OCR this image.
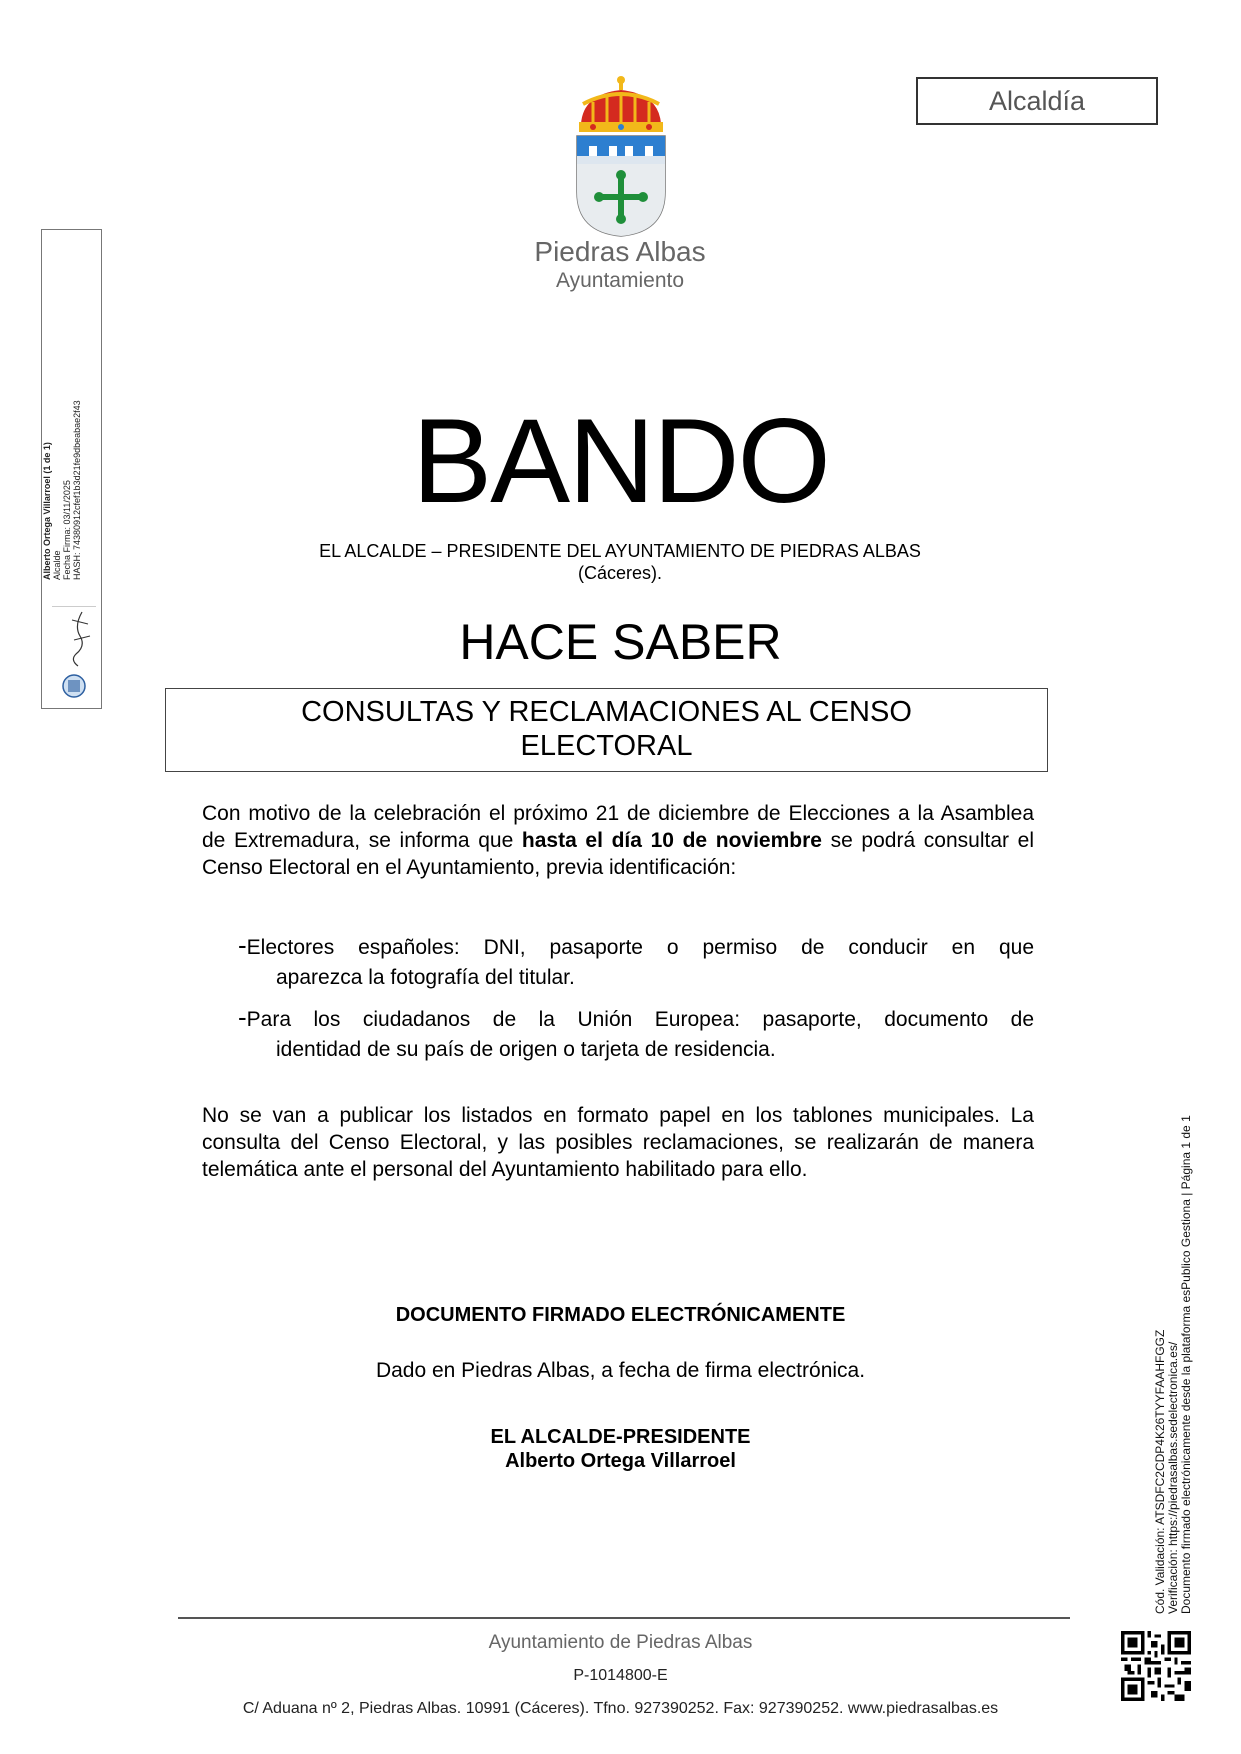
Alcaldía
Piedras Albas
Ayuntamiento
Alberto Ortega Villarroel (1 de 1) Alcalde Fecha Firma: 03/11/2025 HASH: 74380912cfef1b3d21fe9dbeabae2f43	BANDO
EL ALCALDE – PRESIDENTE DEL AYUNTAMIENTO DE PIEDRAS ALBAS
(Cáceres).
HACE SABER
CONSULTAS Y RECLAMACIONES AL CENSO
ELECTORAL
Con motivo de la celebración el próximo 21 de diciembre de Elecciones a la Asamblea de Extremadura, se informa que hasta el día 10 de noviembre se podrá consultar el Censo Electoral en el Ayuntamiento, previa identificación:
-Electores españoles: DNI, pasaporte o permiso de conducir en que
aparezca la fotografía del titular.
-Para los ciudadanos de la Unión Europea: pasaporte, documento de
identidad de su país de origen o tarjeta de residencia.
No se van a publicar los listados en formato papel en los tablones municipales. La consulta del Censo Electoral, y las posibles reclamaciones, se realizarán de manera telemática ante el personal del Ayuntamiento habilitado para ello.
DOCUMENTO FIRMADO ELECTRÓNICAMENTE
Dado en Piedras Albas, a fecha de firma electrónica.
EL ALCALDE-PRESIDENTE
Alberto Ortega Villarroel	Cód. Validación: ATSDFC2CDP4K26TYYFAAHFGGZ Verificación: https://piedrasalbas.sedelectronica.es/ Documento firmado electrónicamente desde la plataforma esPublico Gestiona | Página 1 de 1
Ayuntamiento de Piedras Albas
P-1014800-E
C/ Aduana nº 2, Piedras Albas. 10991 (Cáceres). Tfno. 927390252. Fax: 927390252. www.piedrasalbas.es
